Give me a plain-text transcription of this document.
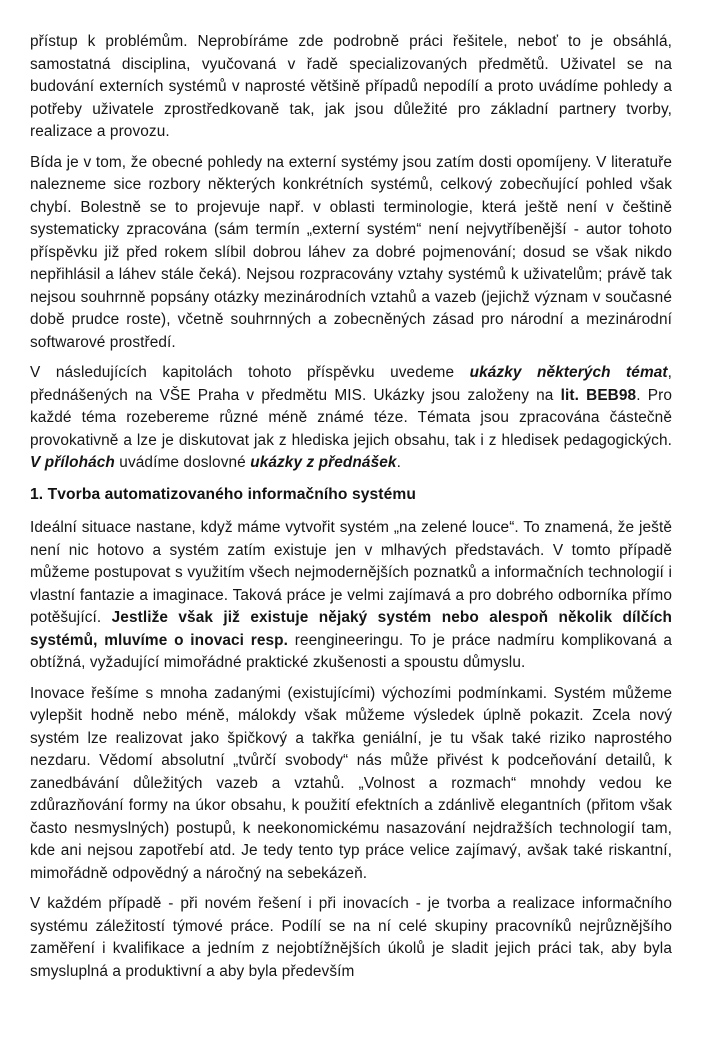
přístup k problémům. Neprobíráme zde podrobně práci řešitele, neboť to je obsáhlá, samostatná disciplina, vyučovaná v řadě specializovaných předmětů. Uživatel se na budování externích systémů v naprosté většině případů nepodílí a proto uvádíme pohledy a potřeby uživatele zprostředkovaně tak, jak jsou důležité pro základní partnery tvorby, realizace a provozu.

Bída je v tom, že obecné pohledy na externí systémy jsou zatím dosti opomíjeny. V literatuře nalezneme sice rozbory některých konkrétních systémů, celkový zobecňující pohled však chybí. Bolestně se to projevuje např. v oblasti terminologie, která ještě není v češtině systematicky zpracována (sám termín „externí systém“ není nejvytříbenější - autor tohoto příspěvku již před rokem slíbil dobrou láhev za dobré pojmenování; dosud se však nikdo nepřihlásil a láhev stále čeká). Nejsou rozpracovány vztahy systémů k uživatelům; právě tak nejsou souhrnně popsány otázky mezinárodních vztahů a vazeb (jejichž význam v současné době prudce roste), včetně souhrnných a zobecněných zásad pro národní a mezinárodní softwarové prostředí.

V následujících kapitolách tohoto příspěvku uvedeme ukázky některých témat, přednášených na VŠE Praha v předmětu MIS. Ukázky jsou založeny na lit. BEB98. Pro každé téma rozebereme různé méně známé téze. Témata jsou zpracována částečně provokativně a lze je diskutovat jak z hlediska jejich obsahu, tak i z hledisek pedagogických. V přílohách uvádíme doslovné ukázky z přednášek.

1. Tvorba automatizovaného informačního systému

Ideální situace nastane, když máme vytvořit systém „na zelené louce“. To znamená, že ještě není nic hotovo a systém zatím existuje jen v mlhavých představách. V tomto případě můžeme postupovat s využitím všech nejmodernějších poznatků a informačních technologií i vlastní fantazie a imaginace. Taková práce je velmi zajímavá a pro dobrého odborníka přímo potěšující. Jestliže však již existuje nějaký systém nebo alespoň několik dílčích systémů, mluvíme o inovaci resp. reengineeringu. To je práce nadmíru komplikovaná a obtížná, vyžadující mimořádné praktické zkušenosti a spoustu důmyslu.

Inovace řešíme s mnoha zadanými (existujícími) výchozími podmínkami. Systém můžeme vylepšit hodně nebo méně, málokdy však můžeme výsledek úplně pokazit. Zcela nový systém lze realizovat jako špičkový a takřka geniální, je tu však také riziko naprostého nezdaru. Vědomí absolutní „tvůrčí svobody“ nás může přivést k podceňování detailů, k zanedbávání důležitých vazeb a vztahů. „Volnost a rozmach“ mnohdy vedou ke zdůrazňování formy na úkor obsahu, k použití efektních a zdánlivě elegantních (přitom však často nesmyslných) postupů, k neekonomickému nasazování nejdražších technologií tam, kde ani nejsou zapotřebí atd. Je tedy tento typ práce velice zajímavý, avšak také riskantní, mimořádně odpovědný a náročný na sebekázeň.

V každém případě - při novém řešení i při inovacích - je tvorba a realizace informačního systému záležitostí týmové práce. Podílí se na ní celé skupiny pracovníků nejrůznějšího zaměření i kvalifikace a jedním z nejobtížnějších úkolů je sladit jejich práci tak, aby byla smysluplná a produktivní a aby byla především
